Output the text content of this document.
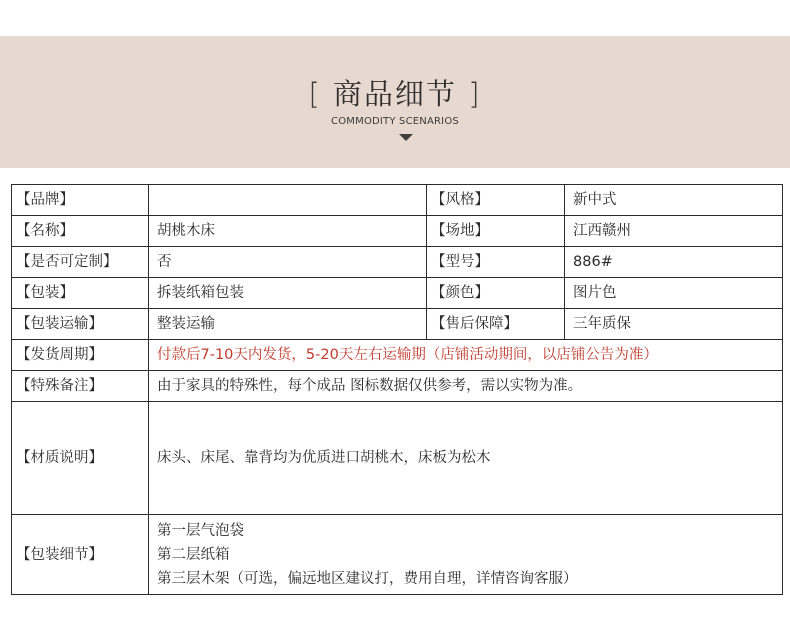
[ 商品细节 ]
COMMODITY SCENARIOS
【品牌】		【风格】	新中式
【名称】	胡桃木床	【场地】	江西赣州
【是否可定制】	否	【型号】	886#
【包装】	拆装纸箱包装	【颜色】	图片色
【包装运输】	整装运输	【售后保障】	三年质保
【发货周期】	付款后7-10天内发货，5-20天左右运输期（店铺活动期间，以店铺公告为准）		
【特殊备注】	由于家具的特殊性，每个成品 图标数据仅供参考，需以实物为准。		
【材质说明】	床头、床尾、靠背均为优质进口胡桃木，床板为松木		
【包装细节】	第一层气泡袋
第二层纸箱
第三层木架（可选，偏远地区建议打，费用自理，详情咨询客服）		
